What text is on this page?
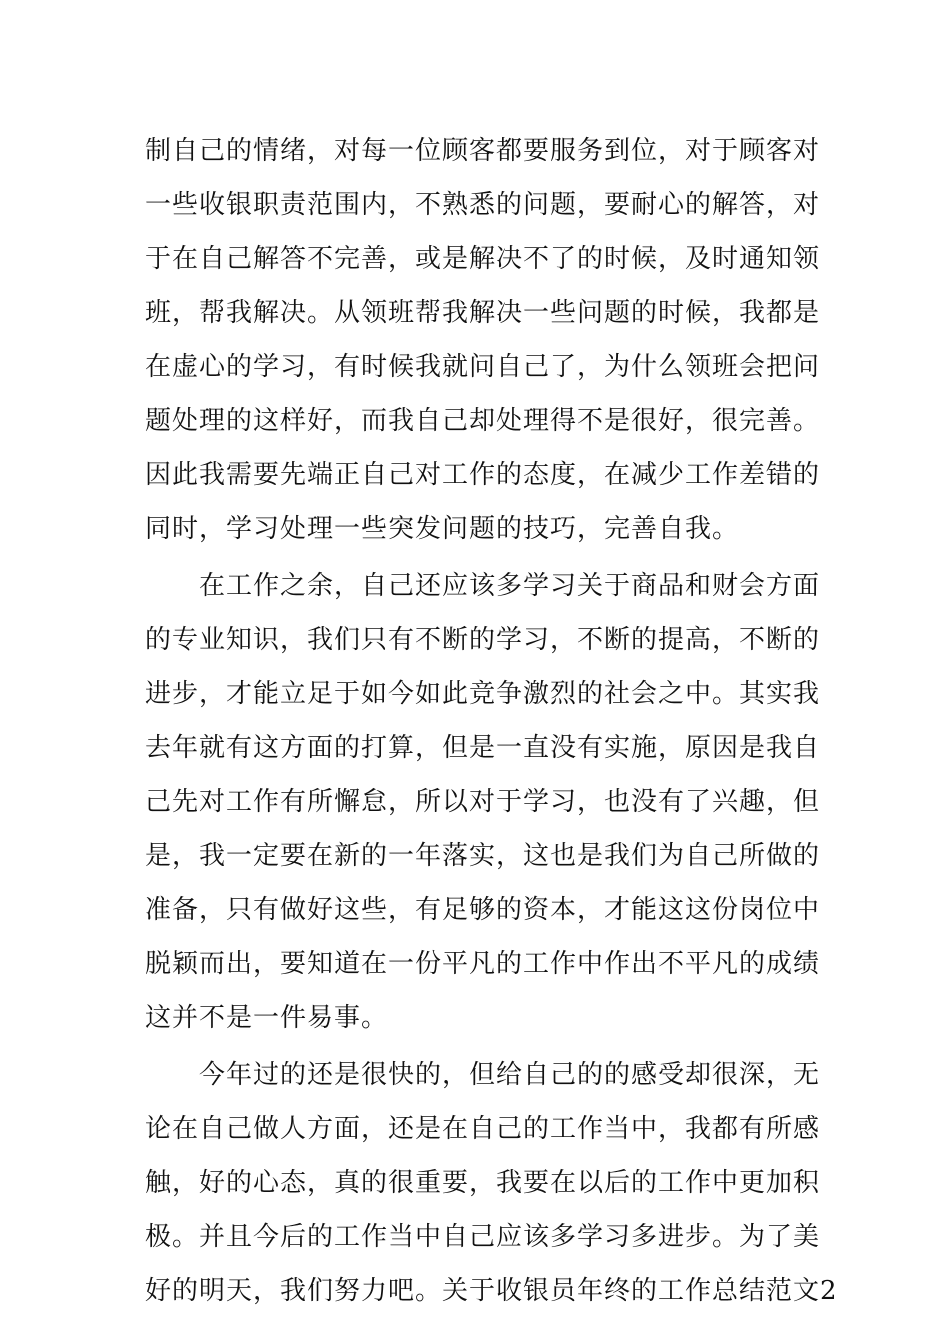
制自己的情绪，对每一位顾客都要服务到位，对于顾客对
一些收银职责范围内，不熟悉的问题，要耐心的解答，对
于在自己解答不完善，或是解决不了的时候，及时通知领
班，帮我解决。从领班帮我解决一些问题的时候，我都是
在虚心的学习，有时候我就问自己了，为什么领班会把问
题处理的这样好，而我自己却处理得不是很好，很完善。
因此我需要先端正自己对工作的态度，在减少工作差错的
同时，学习处理一些突发问题的技巧，完善自我。
在工作之余，自己还应该多学习关于商品和财会方面
的专业知识，我们只有不断的学习，不断的提高，不断的
进步，才能立足于如今如此竞争激烈的社会之中。其实我
去年就有这方面的打算，但是一直没有实施，原因是我自
己先对工作有所懈怠，所以对于学习，也没有了兴趣，但
是，我一定要在新的一年落实，这也是我们为自己所做的
准备，只有做好这些，有足够的资本，才能这这份岗位中
脱颖而出，要知道在一份平凡的工作中作出不平凡的成绩
这并不是一件易事。
今年过的还是很快的，但给自己的的感受却很深，无
论在自己做人方面，还是在自己的工作当中，我都有所感
触，好的心态，真的很重要，我要在以后的工作中更加积
极。并且今后的工作当中自己应该多学习多进步。为了美
好的明天，我们努力吧。关于收银员年终的工作总结范文2
